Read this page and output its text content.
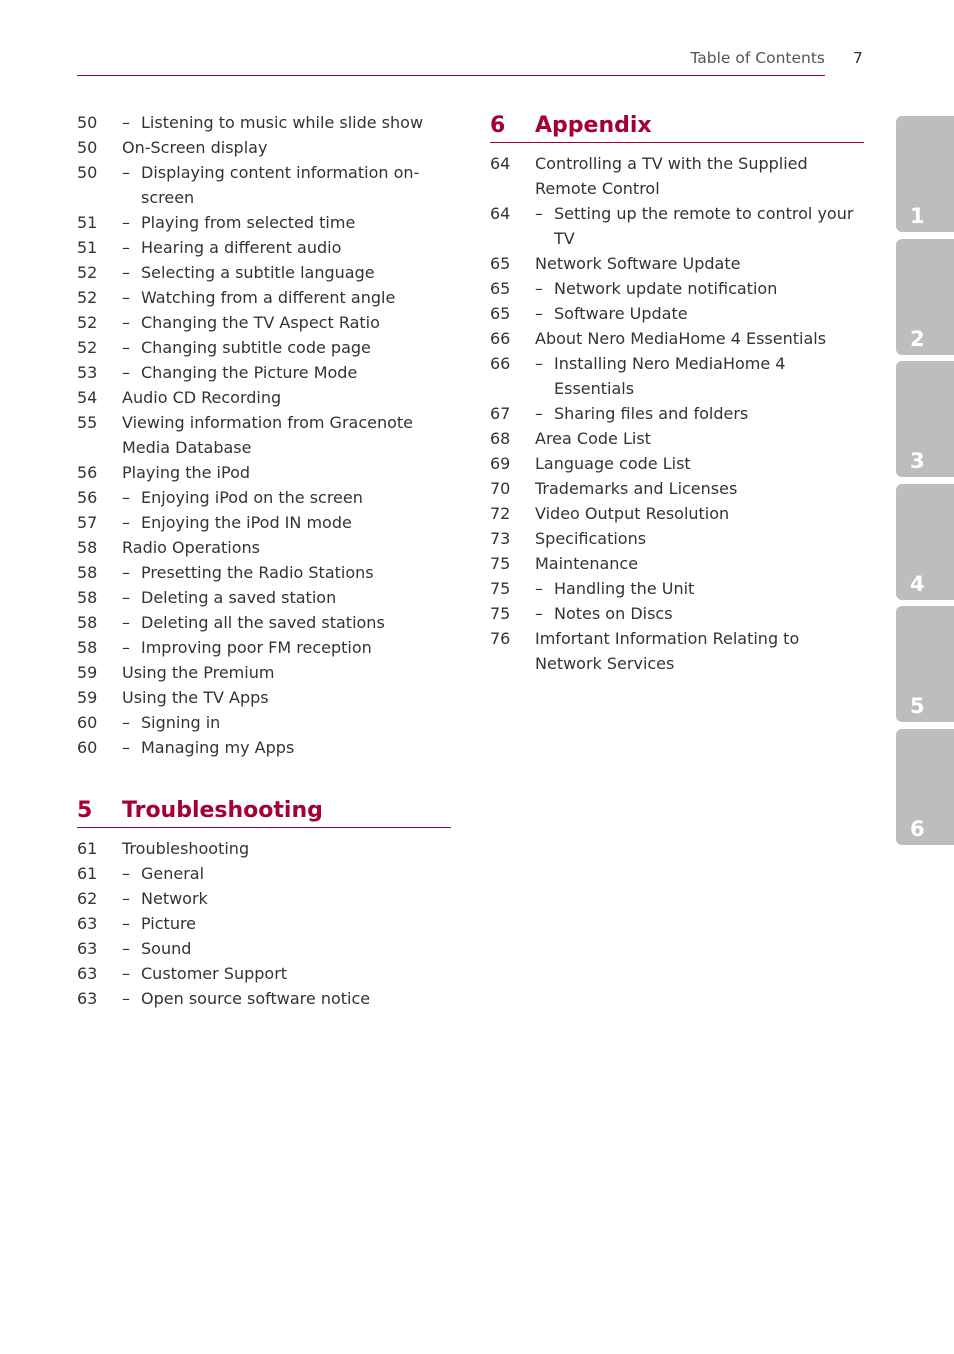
Table of Contents 7
50	– Listening to music while slide show
50	On-Screen display
50	– Displaying content information on-screen
51	– Playing from selected time
51	– Hearing a different audio
52	– Selecting a subtitle language
52	– Watching from a different angle
52	– Changing the TV Aspect Ratio
52	– Changing subtitle code page
53	– Changing the Picture Mode
54	Audio CD Recording
55	Viewing information from Gracenote Media Database
56	Playing the iPod
56	– Enjoying iPod on the screen
57	– Enjoying the iPod IN mode
58	Radio Operations
58	– Presetting the Radio Stations
58	– Deleting a saved station
58	– Deleting all the saved stations
58	– Improving poor FM reception
59	Using the Premium
59	Using the TV Apps
60	– Signing in
60	– Managing my Apps
5	Troubleshooting
61	Troubleshooting
61	– General
62	– Network
63	– Picture
63	– Sound
63	– Customer Support
63	– Open source software notice
6	Appendix
64	Controlling a TV with the Supplied Remote Control
64	– Setting up the remote to control your TV
65	Network Software Update
65	– Network update notification
65	– Software Update
66	About Nero MediaHome 4 Essentials
66	– Installing Nero MediaHome 4 Essentials
67	– Sharing files and folders
68	Area Code List
69	Language code List
70	Trademarks and Licenses
72	Video Output Resolution
73	Specifications
75	Maintenance
75	– Handling the Unit
75	– Notes on Discs
76	Imfortant Information Relating to Network Services
1
2
3
4
5
6
